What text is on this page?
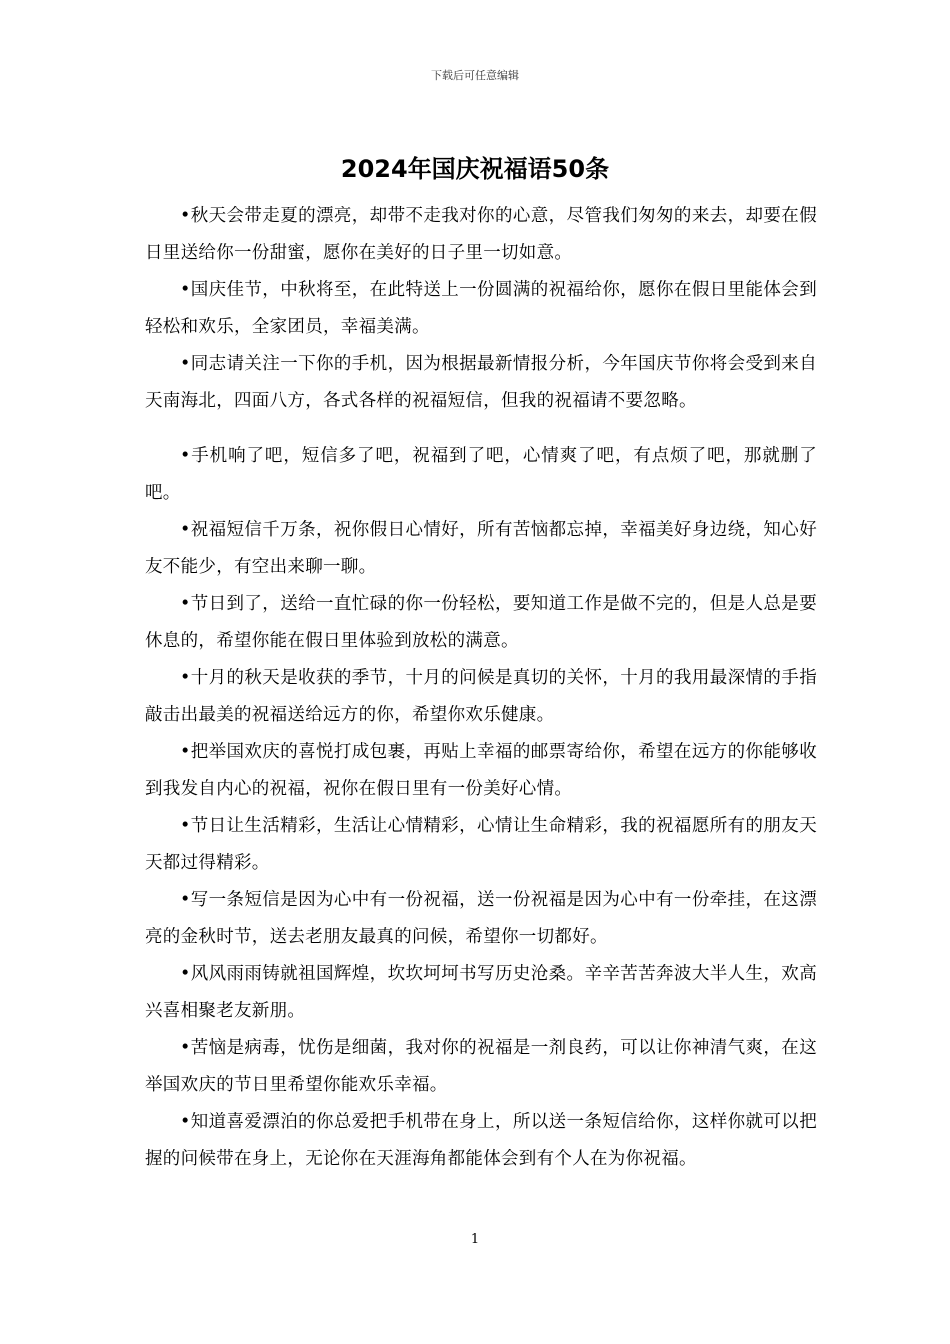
下载后可任意编辑
2024年国庆祝福语50条

•秋天会带走夏的漂亮，却带不走我对你的心意，尽管我们匆匆的来去，却要在假日里送给你一份甜蜜，愿你在美好的日子里一切如意。

•国庆佳节，中秋将至，在此特送上一份圆满的祝福给你，愿你在假日里能体会到轻松和欢乐，全家团员，幸福美满。

•同志请关注一下你的手机，因为根据最新情报分析，今年国庆节你将会受到来自天南海北，四面八方，各式各样的祝福短信，但我的祝福请不要忽略。

•手机响了吧，短信多了吧，祝福到了吧，心情爽了吧，有点烦了吧，那就删了吧。

•祝福短信千万条，祝你假日心情好，所有苦恼都忘掉，幸福美好身边绕，知心好友不能少，有空出来聊一聊。

•节日到了，送给一直忙碌的你一份轻松，要知道工作是做不完的，但是人总是要休息的，希望你能在假日里体验到放松的满意。

•十月的秋天是收获的季节，十月的问候是真切的关怀，十月的我用最深情的手指敲击出最美的祝福送给远方的你，希望你欢乐健康。

•把举国欢庆的喜悦打成包裹，再贴上幸福的邮票寄给你，希望在远方的你能够收到我发自内心的祝福，祝你在假日里有一份美好心情。

•节日让生活精彩，生活让心情精彩，心情让生命精彩，我的祝福愿所有的朋友天天都过得精彩。

•写一条短信是因为心中有一份祝福，送一份祝福是因为心中有一份牵挂，在这漂亮的金秋时节，送去老朋友最真的问候，希望你一切都好。

•风风雨雨铸就祖国辉煌，坎坎坷坷书写历史沧桑。辛辛苦苦奔波大半人生，欢高兴喜相聚老友新朋。

•苦恼是病毒，忧伤是细菌，我对你的祝福是一剂良药，可以让你神清气爽，在这举国欢庆的节日里希望你能欢乐幸福。

•知道喜爱漂泊的你总爱把手机带在身上，所以送一条短信给你，这样你就可以把握的问候带在身上，无论你在天涯海角都能体会到有个人在为你祝福。

1
